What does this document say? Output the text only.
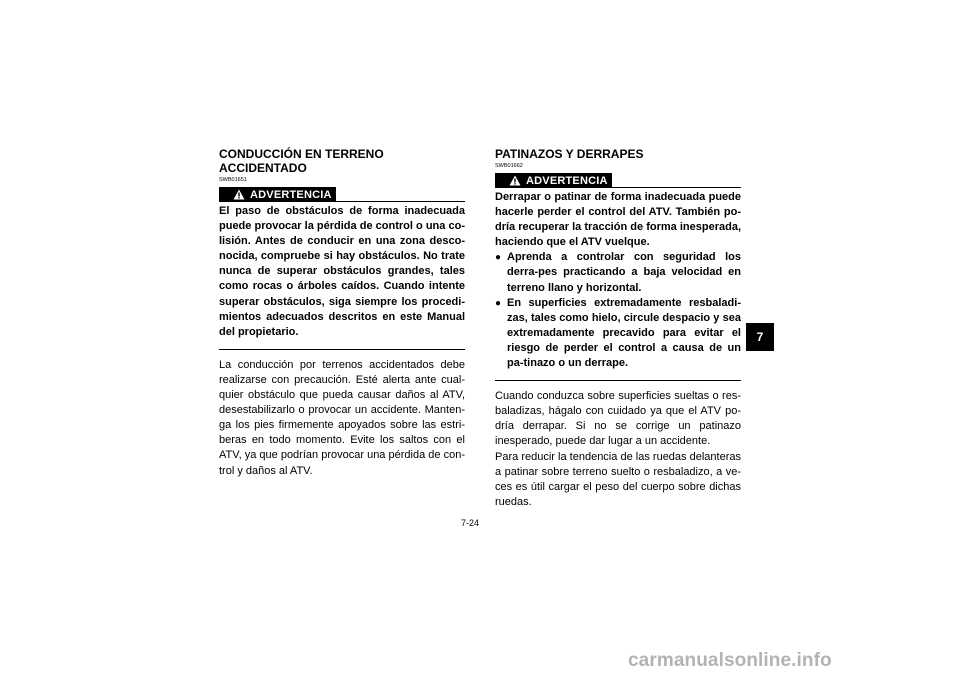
CONDUCCIÓN EN TERRENO ACCIDENTADO
SWB01651
ADVERTENCIA
El paso de obstáculos de forma inadecuada puede provocar la pérdida de control o una co-lisión. Antes de conducir en una zona desco-nocida, compruebe si hay obstáculos. No trate nunca de superar obstáculos grandes, tales como rocas o árboles caídos. Cuando intente superar obstáculos, siga siempre los procedi-mientos adecuados descritos en este Manual del propietario.
La conducción por terrenos accidentados debe realizarse con precaución. Esté alerta ante cual-quier obstáculo que pueda causar daños al ATV, desestabilizarlo o provocar un accidente. Manten-ga los pies firmemente apoyados sobre las estri-beras en todo momento. Evite los saltos con el ATV, ya que podrían provocar una pérdida de con-trol y daños al ATV.
PATINAZOS Y DERRAPES
SWB01662
ADVERTENCIA
Derrapar o patinar de forma inadecuada puede hacerle perder el control del ATV. También po-dría recuperar la tracción de forma inesperada, haciendo que el ATV vuelque.
● Aprenda a controlar con seguridad los derra-pes practicando a baja velocidad en terreno llano y horizontal.
● En superficies extremadamente resbaladi-zas, tales como hielo, circule despacio y sea extremadamente precavido para evitar el riesgo de perder el control a causa de un pa-tinazo o un derrape.
Cuando conduzca sobre superficies sueltas o res-baladizas, hágalo con cuidado ya que el ATV po-dría derrapar. Si no se corrige un patinazo inesperado, puede dar lugar a un accidente.
Para reducir la tendencia de las ruedas delanteras a patinar sobre terreno suelto o resbaladizo, a ve-ces es útil cargar el peso del cuerpo sobre dichas ruedas.
7-24
7
carmanualsonline.info
